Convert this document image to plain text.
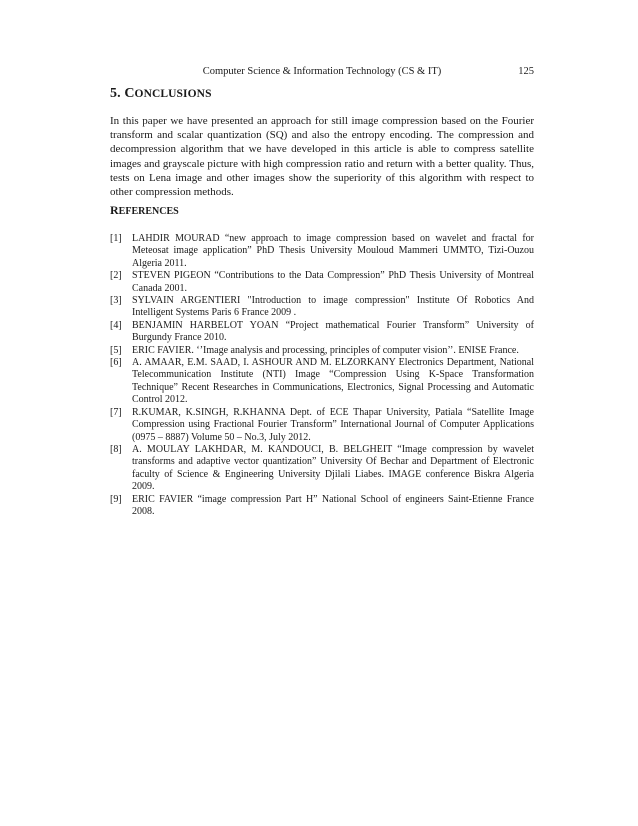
Computer Science & Information Technology (CS & IT)	125
5. CONCLUSIONS

In this paper we have presented an approach for still image compression based on the Fourier transform and scalar quantization (SQ) and also the entropy encoding. The compression and decompression algorithm that we have developed in this article is able to compress satellite images and grayscale picture with high compression ratio and return with a better quality. Thus, tests on Lena image and other images show the superiority of this algorithm with respect to other compression methods.

REFERENCES
[1] LAHDIR MOURAD “new approach to image compression based on wavelet and fractal for Meteosat image application” PhD Thesis University Mouloud Mammeri UMMTO, Tizi-Ouzou Algeria 2011.
[2] STEVEN PIGEON “Contributions to the Data Compression” PhD Thesis University of Montreal Canada 2001.
[3] SYLVAIN ARGENTIERI "Introduction to image compression" Institute Of Robotics And Intelligent Systems Paris 6 France 2009 .
[4] BENJAMIN HARBELOT YOAN “Project mathematical Fourier Transform” University of Burgundy France 2010.
[5] ERIC FAVIER. ‘’Image analysis and processing, principles of computer vision’’. ENISE France.
[6] A. AMAAR, E.M. SAAD, I. ASHOUR AND M. ELZORKANY Electronics Department, National Telecommunication Institute (NTI) Image “Compression Using K-Space Transformation Technique” Recent Researches in Communications, Electronics, Signal Processing and Automatic Control 2012.
[7] R.KUMAR, K.SINGH, R.KHANNA Dept. of ECE Thapar University, Patiala “Satellite Image Compression using Fractional Fourier Transform” International Journal of Computer Applications (0975 – 8887) Volume 50 – No.3, July 2012.
[8] A. MOULAY LAKHDAR, M. KANDOUCI, B. BELGHEIT “Image compression by wavelet transforms and adaptive vector quantization” University Of Bechar and Department of Electronic faculty of Science & Engineering University Djilali Liabes. IMAGE conference Biskra Algeria 2009.
[9] ERIC FAVIER “image compression Part H” National School of engineers Saint-Etienne France 2008.
